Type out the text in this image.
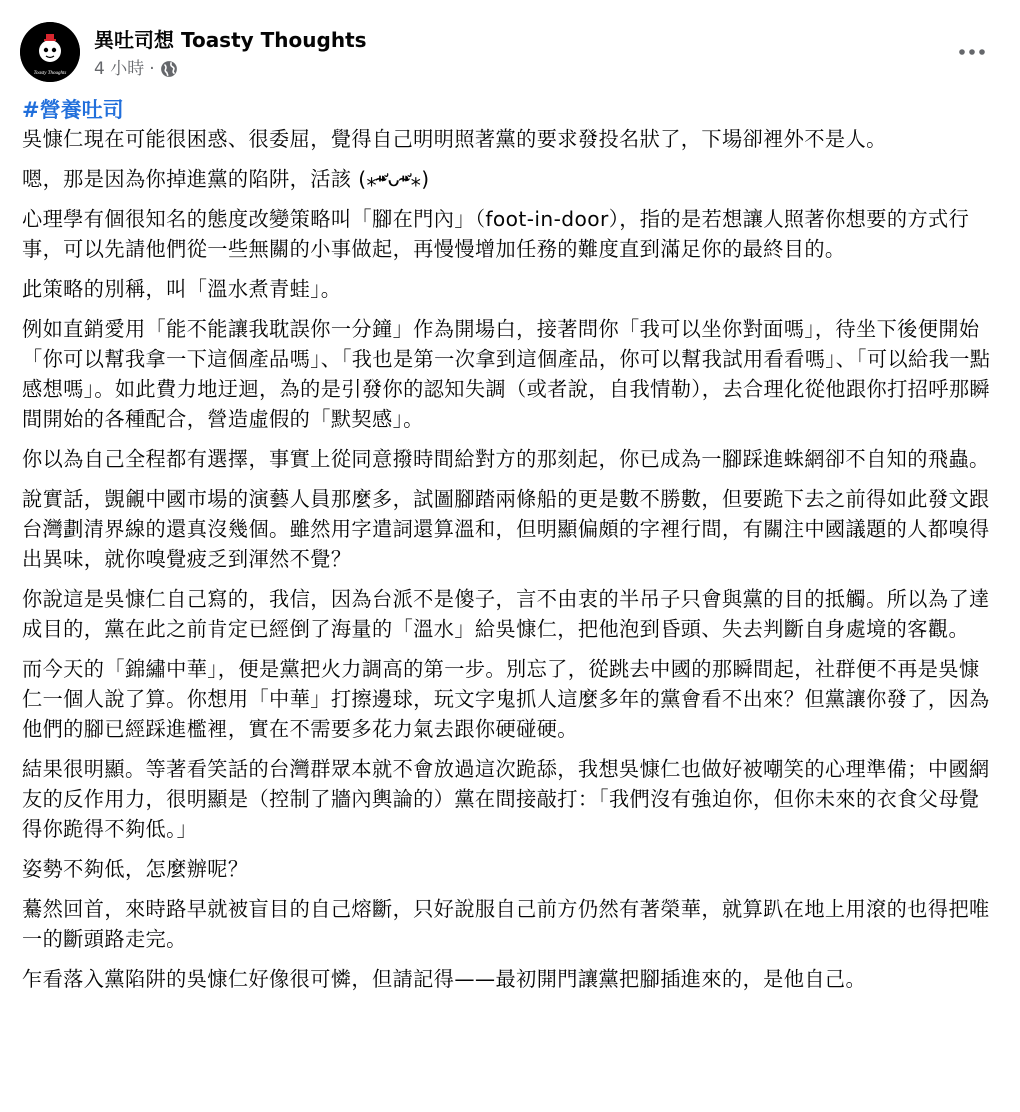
Toasty Thoughts
異吐司想 Toasty Thoughts
4 小時 ·
#營養吐司

吳慷仁現在可能很困惑、很委屈，覺得自己明明照著黨的要求發投名狀了，下場卻裡外不是人。

嗯，那是因為你掉進黨的陷阱，活該 (⁎⁍̴̛ᴗ⁍̴̛⁎)

心理學有個很知名的態度改變策略叫「腳在門內」（foot-in-door），指的是若想讓人照著你想要的方式行事，可以先請他們從一些無關的小事做起，再慢慢增加任務的難度直到滿足你的最終目的。

此策略的別稱，叫「溫水煮青蛙」。

例如直銷愛用「能不能讓我耽誤你一分鐘」作為開場白，接著問你「我可以坐你對面嗎」，待坐下後便開始「你可以幫我拿一下這個產品嗎」、「我也是第一次拿到這個產品，你可以幫我試用看看嗎」、「可以給我一點感想嗎」。如此費力地迂迴，為的是引發你的認知失調（或者說，自我情勒），去合理化從他跟你打招呼那瞬間開始的各種配合，營造虛假的「默契感」。

你以為自己全程都有選擇，事實上從同意撥時間給對方的那刻起，你已成為一腳踩進蛛網卻不自知的飛蟲。

說實話，覬覦中國市場的演藝人員那麼多，試圖腳踏兩條船的更是數不勝數，但要跪下去之前得如此發文跟台灣劃清界線的還真沒幾個。雖然用字遣詞還算溫和，但明顯偏頗的字裡行間，有關注中國議題的人都嗅得出異味，就你嗅覺疲乏到渾然不覺？

你說這是吳慷仁自己寫的，我信，因為台派不是傻子，言不由衷的半吊子只會與黨的目的抵觸。所以為了達成目的，黨在此之前肯定已經倒了海量的「溫水」給吳慷仁，把他泡到昏頭、失去判斷自身處境的客觀。

而今天的「錦繡中華」，便是黨把火力調高的第一步。別忘了，從跳去中國的那瞬間起，社群便不再是吳慷仁一個人說了算。你想用「中華」打擦邊球，玩文字鬼抓人這麼多年的黨會看不出來？但黨讓你發了，因為他們的腳已經踩進檻裡，實在不需要多花力氣去跟你硬碰硬。

結果很明顯。等著看笑話的台灣群眾本就不會放過這次跪舔，我想吳慷仁也做好被嘲笑的心理準備；中國網友的反作用力，很明顯是（控制了牆內輿論的）黨在間接敲打：「我們沒有強迫你，但你未來的衣食父母覺得你跪得不夠低。」

姿勢不夠低，怎麼辦呢？

驀然回首，來時路早就被盲目的自己熔斷，只好說服自己前方仍然有著榮華，就算趴在地上用滾的也得把唯一的斷頭路走完。

乍看落入黨陷阱的吳慷仁好像很可憐，但請記得——最初開門讓黨把腳插進來的，是他自己。
